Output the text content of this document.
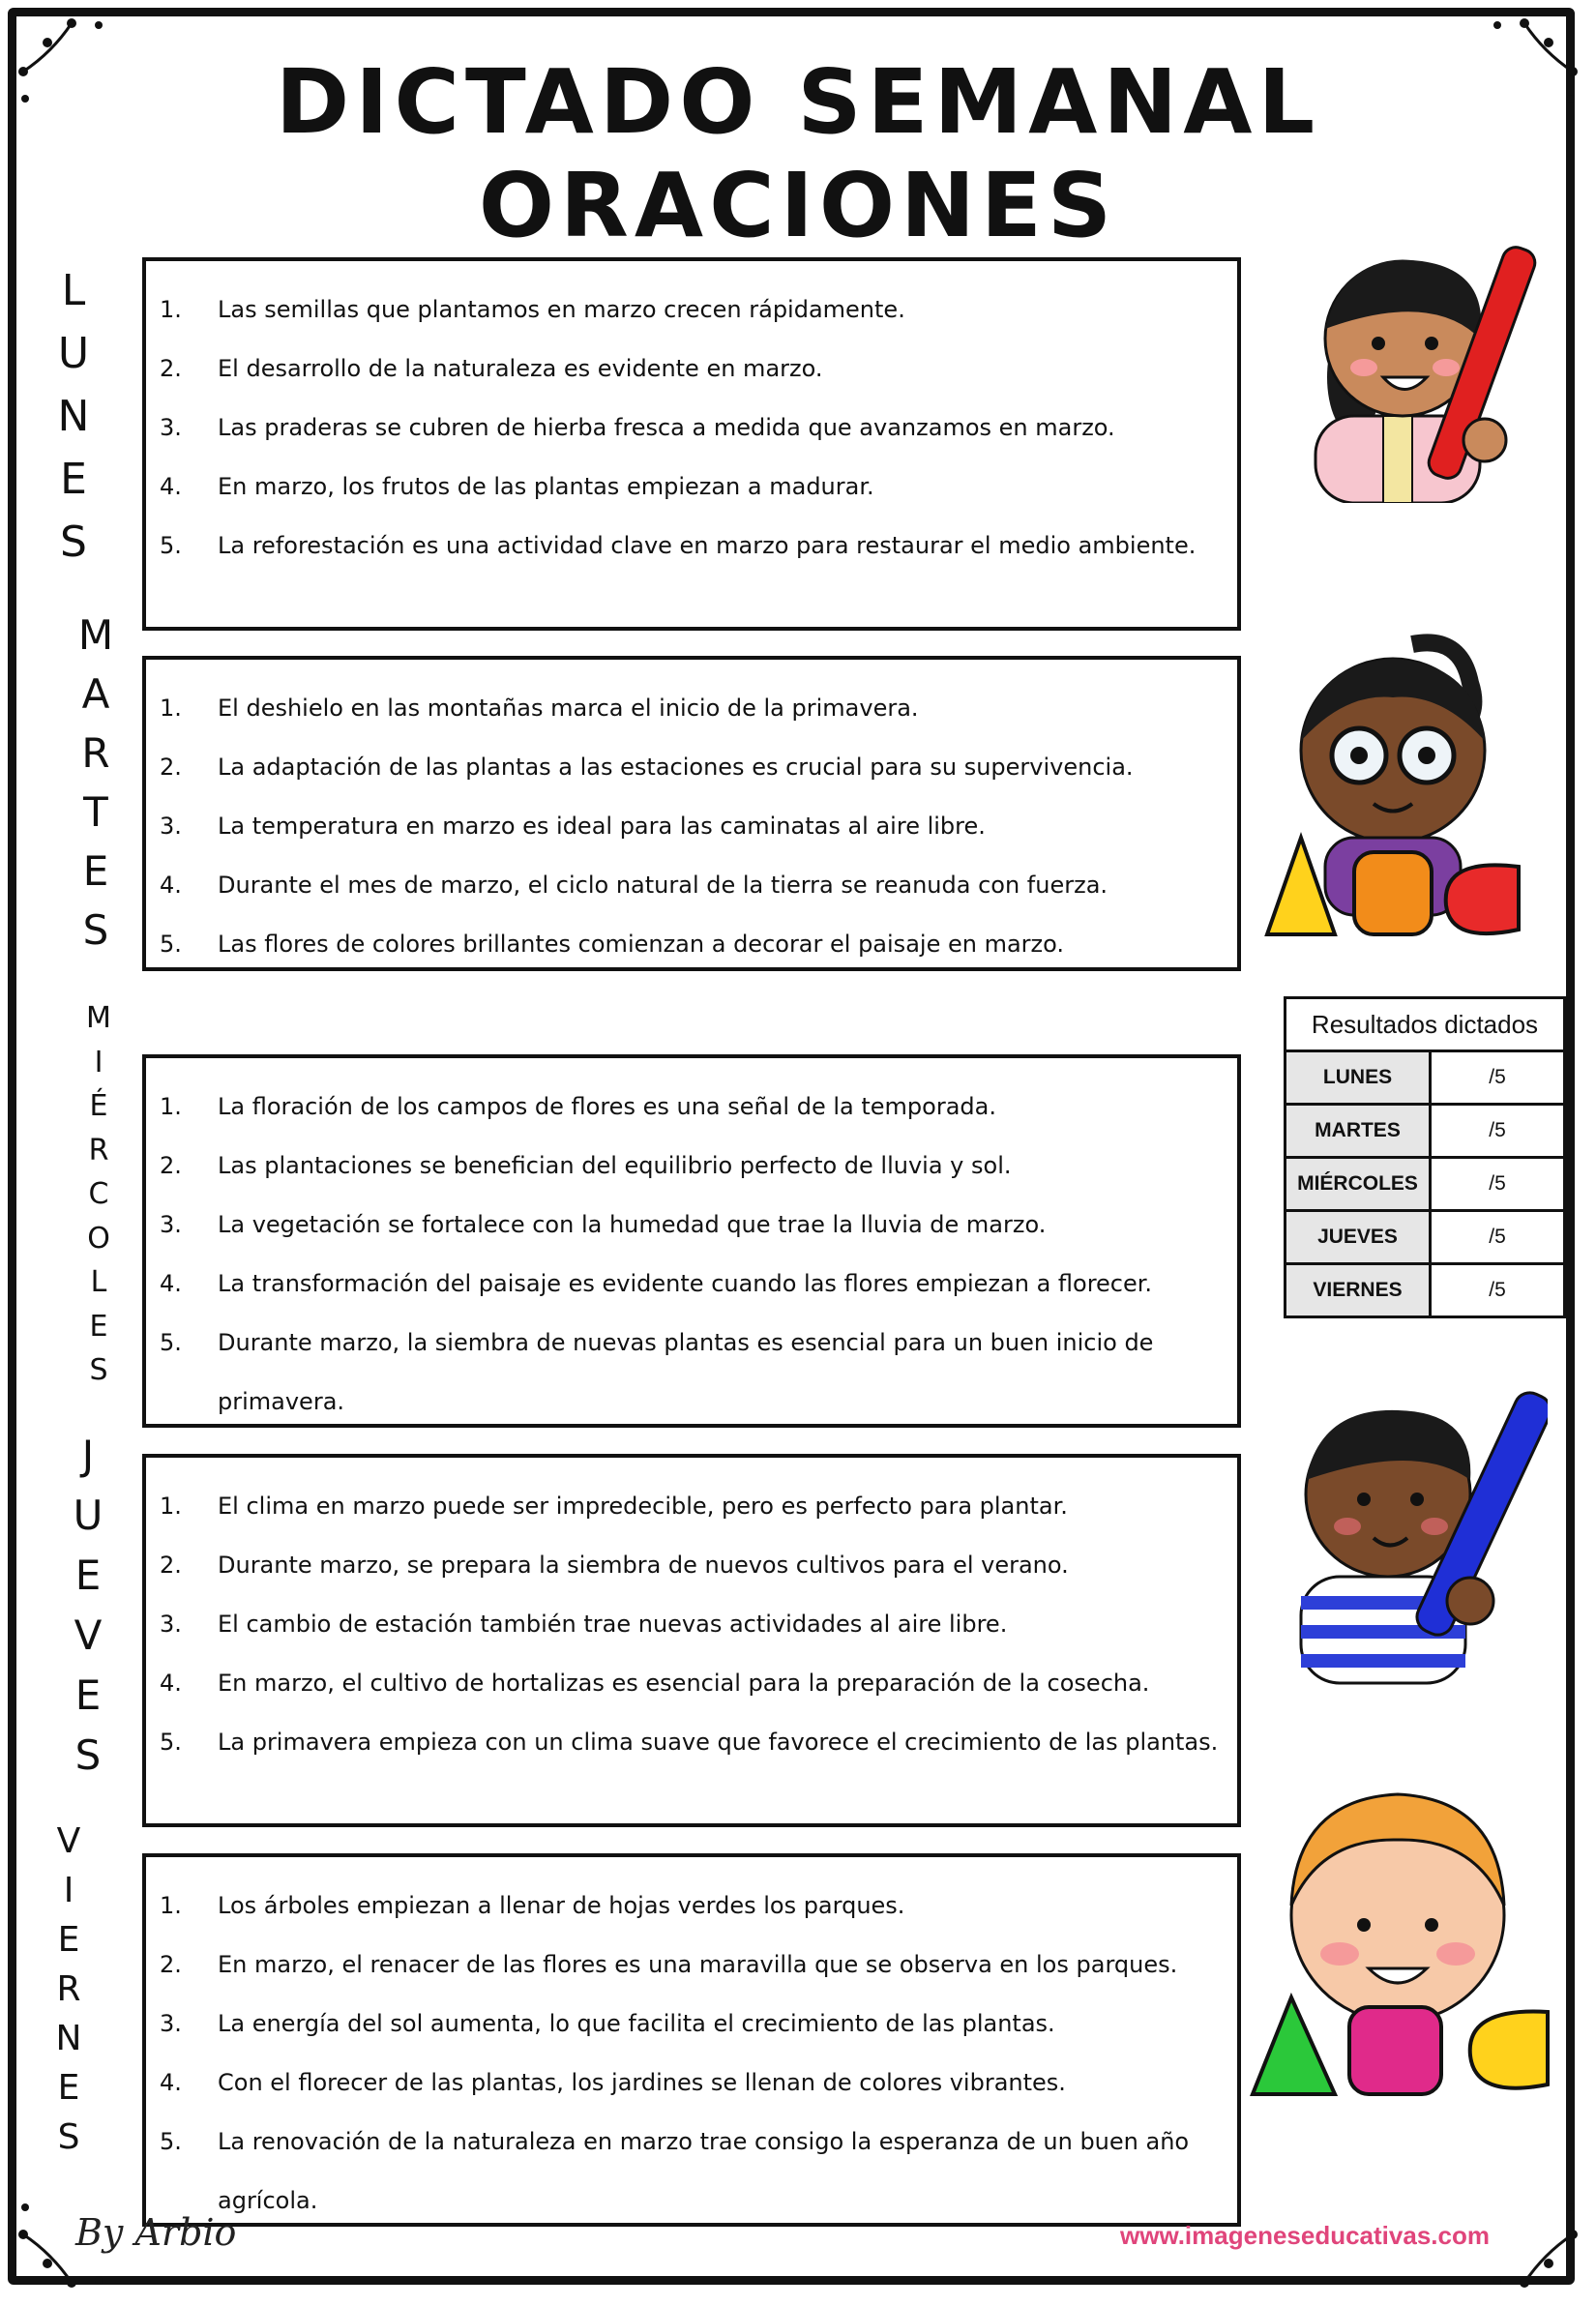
DICTADO SEMANAL ORACIONES
L
U
N
E
S
M
A
R
T
E
S
M
I
É
R
C
O
L
E
S
J
U
E
V
E
S
V
I
E
R
N
E
S
1.	Las semillas que plantamos en marzo crecen rápidamente.
2.	El desarrollo de la naturaleza es evidente en marzo.
3.	Las praderas se cubren de hierba fresca a medida que avanzamos en marzo.
4.	En marzo, los frutos de las plantas empiezan a madurar.
5.	La reforestación es una actividad clave en marzo para restaurar el medio ambiente.
1.	El deshielo en las montañas marca el inicio de la primavera.
2.	La adaptación de las plantas a las estaciones es crucial para su supervivencia.
3.	La temperatura en marzo es ideal para las caminatas al aire libre.
4.	Durante el mes de marzo, el ciclo natural de la tierra se reanuda con fuerza.
5.	Las flores de colores brillantes comienzan a decorar el paisaje en marzo.
1.	La floración de los campos de flores es una señal de la temporada.
2.	Las plantaciones se benefician del equilibrio perfecto de lluvia y sol.
3.	La vegetación se fortalece con la humedad que trae la lluvia de marzo.
4.	La transformación del paisaje es evidente cuando las flores empiezan a florecer.
5.	Durante marzo, la siembra de nuevas plantas es esencial para un buen inicio de primavera.
1.	El clima en marzo puede ser impredecible, pero es perfecto para plantar.
2.	Durante marzo, se prepara la siembra de nuevos cultivos para el verano.
3.	El cambio de estación también trae nuevas actividades al aire libre.
4.	En marzo, el cultivo de hortalizas es esencial para la preparación de la cosecha.
5.	La primavera empieza con un clima suave que favorece el crecimiento de las plantas.
1.	Los árboles empiezan a llenar de hojas verdes los parques.
2.	En marzo, el renacer de las flores es una maravilla que se observa en los parques.
3.	La energía del sol aumenta, lo que facilita el crecimiento de las plantas.
4.	Con el florecer de las plantas, los jardines se llenan de colores vibrantes.
5.	La renovación de la naturaleza en marzo trae consigo la esperanza de un buen año agrícola.
Resultados dictados	
LUNES	/5
MARTES	/5
MIÉRCOLES	/5
JUEVES	/5
VIERNES	/5
By Arbio	www.imageneseducativas.com
